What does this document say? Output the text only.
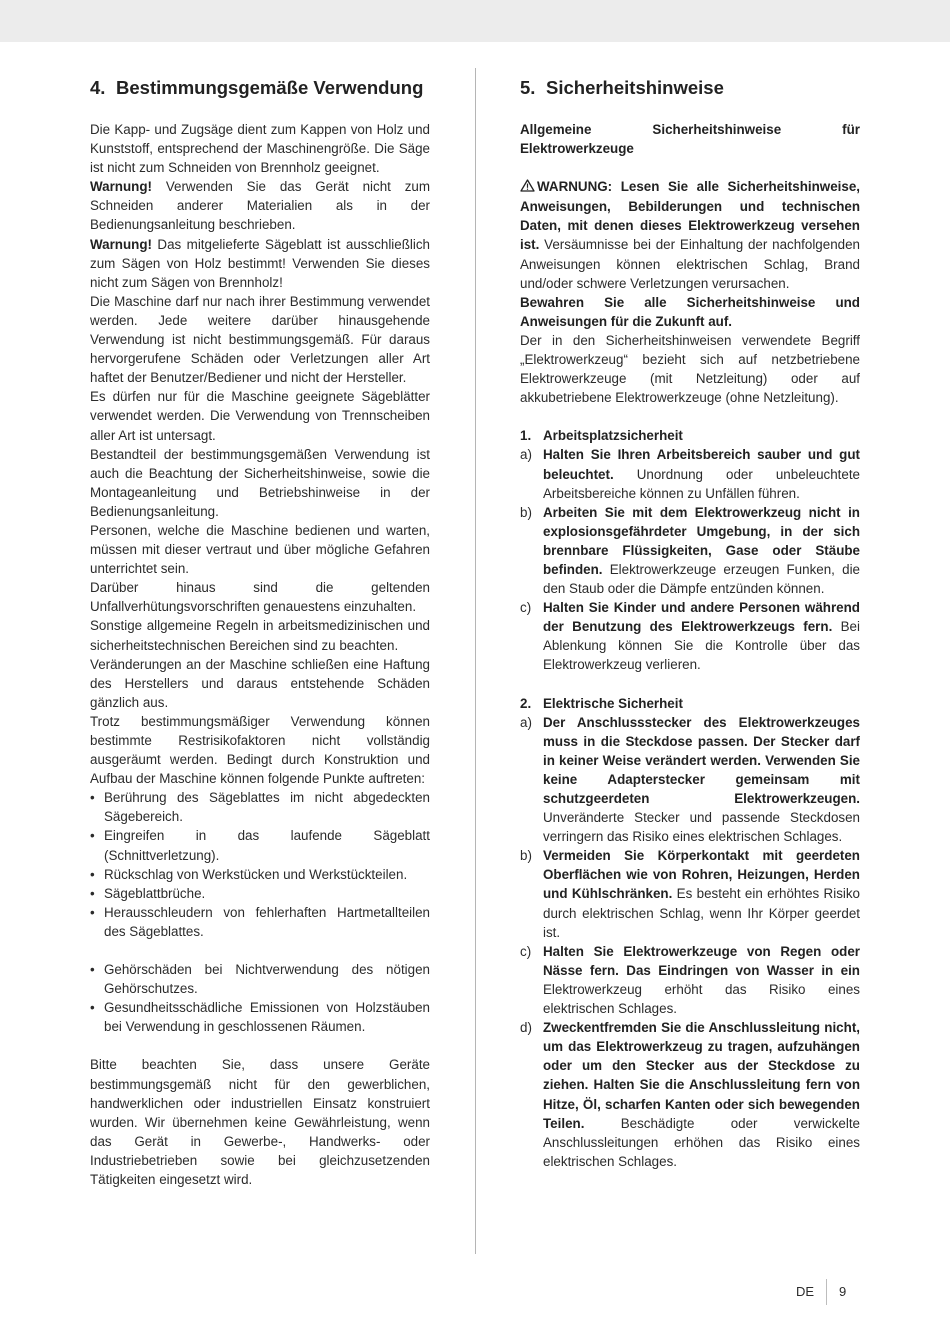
4. Bestimmungsgemäße Verwendung

Die Kapp- und Zugsäge dient zum Kappen von Holz und Kunststoff, entsprechend der Maschinengröße. Die Säge ist nicht zum Schneiden von Brennholz geeignet.

Warnung! Verwenden Sie das Gerät nicht zum Schneiden anderer Materialien als in der Bedienungsanleitung beschrieben.

Warnung! Das mitgelieferte Sägeblatt ist ausschließlich zum Sägen von Holz bestimmt! Verwenden Sie dieses nicht zum Sägen von Brennholz!

Die Maschine darf nur nach ihrer Bestimmung verwendet werden. Jede weitere darüber hinausgehende Verwendung ist nicht bestimmungsgemäß. Für daraus hervorgerufene Schäden oder Verletzungen aller Art haftet der Benutzer/Bediener und nicht der Hersteller.

Es dürfen nur für die Maschine geeignete Sägeblätter verwendet werden. Die Verwendung von Trennscheiben aller Art ist untersagt.

Bestandteil der bestimmungsgemäßen Verwendung ist auch die Beachtung der Sicherheitshinweise, sowie die Montageanleitung und Betriebshinweise in der Bedienungsanleitung.

Personen, welche die Maschine bedienen und warten, müssen mit dieser vertraut und über mögliche Gefahren unterrichtet sein.

Darüber hinaus sind die geltenden Unfallverhütungsvorschriften genauestens einzuhalten.

Sonstige allgemeine Regeln in arbeitsmedizinischen und sicherheitstechnischen Bereichen sind zu beachten.

Veränderungen an der Maschine schließen eine Haftung des Herstellers und daraus entstehende Schäden gänzlich aus.

Trotz bestimmungsmäßiger Verwendung können bestimmte Restrisikofaktoren nicht vollständig ausgeräumt werden. Bedingt durch Konstruktion und Aufbau der Maschine können folgende Punkte auftreten:

• Berührung des Sägeblattes im nicht abgedeckten Sägebereich.
• Eingreifen in das laufende Sägeblatt (Schnittverletzung).
• Rückschlag von Werkstücken und Werkstückteilen.
• Sägeblattbrüche.
• Herausschleudern von fehlerhaften Hartmetallteilen des Sägeblattes.
• Gehörschäden bei Nichtverwendung des nötigen Gehörschutzes.
• Gesundheitsschädliche Emissionen von Holzstäuben bei Verwendung in geschlossenen Räumen.

Bitte beachten Sie, dass unsere Geräte bestimmungsgemäß nicht für den gewerblichen, handwerklichen oder industriellen Einsatz konstruiert wurden. Wir übernehmen keine Gewährleistung, wenn das Gerät in Gewerbe-, Handwerks- oder Industriebetrieben sowie bei gleichzusetzenden Tätigkeiten eingesetzt wird.

5. Sicherheitshinweise

Allgemeine Sicherheitshinweise für Elektrowerkzeuge

WARNUNG: Lesen Sie alle Sicherheitshinweise, Anweisungen, Bebilderungen und technischen Daten, mit denen dieses Elektrowerkzeug versehen ist. Versäumnisse bei der Einhaltung der nachfolgenden Anweisungen können elektrischen Schlag, Brand und/oder schwere Verletzungen verursachen.

Bewahren Sie alle Sicherheitshinweise und Anweisungen für die Zukunft auf.

Der in den Sicherheitshinweisen verwendete Begriff „Elektrowerkzeug“ bezieht sich auf netzbetriebene Elektrowerkzeuge (mit Netzleitung) oder auf akkubetriebene Elektrowerkzeuge (ohne Netzleitung).

1. Arbeitsplatzsicherheit
a) Halten Sie Ihren Arbeitsbereich sauber und gut beleuchtet. Unordnung oder unbeleuchtete Arbeitsbereiche können zu Unfällen führen.
b) Arbeiten Sie mit dem Elektrowerkzeug nicht in explosionsgefährdeter Umgebung, in der sich brennbare Flüssigkeiten, Gase oder Stäube befinden. Elektrowerkzeuge erzeugen Funken, die den Staub oder die Dämpfe entzünden können.
c) Halten Sie Kinder und andere Personen während der Benutzung des Elektrowerkzeugs fern. Bei Ablenkung können Sie die Kontrolle über das Elektrowerkzeug verlieren.
2. Elektrische Sicherheit
a) Der Anschlussstecker des Elektrowerkzeuges muss in die Steckdose passen. Der Stecker darf in keiner Weise verändert werden. Verwenden Sie keine Adapterstecker gemeinsam mit schutzgeerdeten Elektrowerkzeugen. Unveränderte Stecker und passende Steckdosen verringern das Risiko eines elektrischen Schlages.
b) Vermeiden Sie Körperkontakt mit geerdeten Oberflächen wie von Rohren, Heizungen, Herden und Kühlschränken. Es besteht ein erhöhtes Risiko durch elektrischen Schlag, wenn Ihr Körper geerdet ist.
c) Halten Sie Elektrowerkzeuge von Regen oder Nässe fern. Das Eindringen von Wasser in ein Elektrowerkzeug erhöht das Risiko eines elektrischen Schlages.
d) Zweckentfremden Sie die Anschlussleitung nicht, um das Elektrowerkzeug zu tragen, aufzuhängen oder um den Stecker aus der Steckdose zu ziehen. Halten Sie die Anschlussleitung fern von Hitze, Öl, scharfen Kanten oder sich bewegenden Teilen. Beschädigte oder verwickelte Anschlussleitungen erhöhen das Risiko eines elektrischen Schlages.
DE 9
